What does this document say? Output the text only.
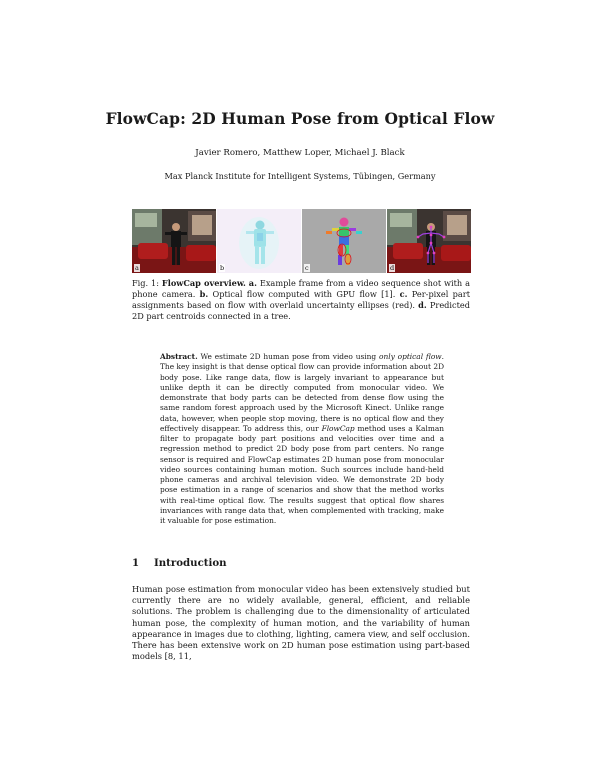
FlowCap: 2D Human Pose from Optical Flow
Javier Romero, Matthew Loper, Michael J. Black
Max Planck Institute for Intelligent Systems, Tübingen, Germany
a	b	c	d
Fig. 1: FlowCap overview. a. Example frame from a video sequence shot with a phone camera. b. Optical flow computed with GPU flow [1]. c. Per-pixel part assignments based on flow with overlaid uncertainty ellipses (red). d. Predicted 2D part centroids connected in a tree.
Abstract. We estimate 2D human pose from video using only optical flow. The key insight is that dense optical flow can provide information about 2D body pose. Like range data, flow is largely invariant to appearance but unlike depth it can be directly computed from monocular video. We demonstrate that body parts can be detected from dense flow using the same random forest approach used by the Microsoft Kinect. Unlike range data, however, when people stop moving, there is no optical flow and they effectively disappear. To address this, our FlowCap method uses a Kalman filter to propagate body part positions and velocities over time and a regression method to predict 2D body pose from part centers. No range sensor is required and FlowCap estimates 2D human pose from monocular video sources containing human motion. Such sources include hand-held phone cameras and archival television video. We demonstrate 2D body pose estimation in a range of scenarios and show that the method works with real-time optical flow. The results suggest that optical flow shares invariances with range data that, when complemented with tracking, make it valuable for pose estimation.
1 Introduction
Human pose estimation from monocular video has been extensively studied but currently there are no widely available, general, efficient, and reliable solutions. The problem is challenging due to the dimensionality of articulated human pose, the complexity of human motion, and the variability of human appearance in images due to clothing, lighting, camera view, and self occlusion. There has been extensive work on 2D human pose estimation using part-based models [8, 11,
